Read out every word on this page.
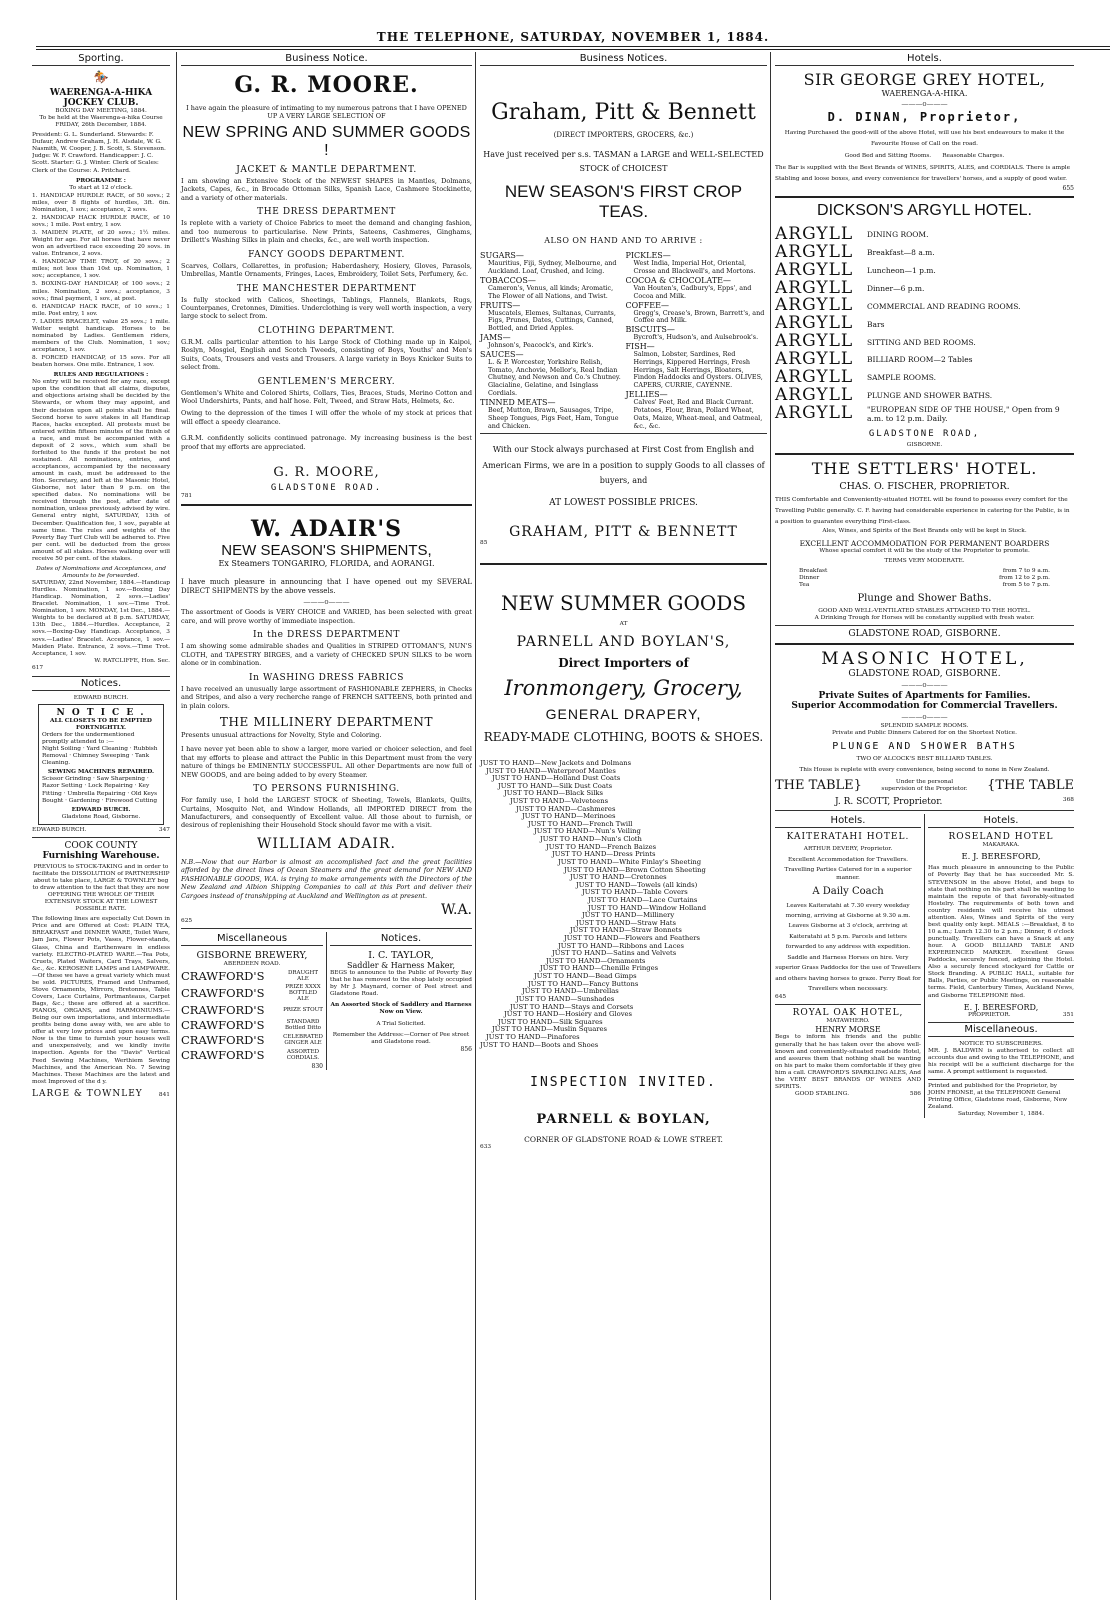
THE TELEPHONE, SATURDAY, NOVEMBER 1, 1884.
Sporting.
🏇
WAERENGA-A-HIKA JOCKEY CLUB.
BOXING DAY MEETING, 1884.
To be held at the Waerenga-a-hika Course FRIDAY, 26th December, 1884.
President: G. L. Sunderland. Stewards: F. Dufaur, Andrew Graham, J. H. Alsdale, W. G. Nasmith, W. Cooper, J. B. Scott, S. Stevenson. Judge: W. F. Crawford. Handicapper: J. C. Scott. Starter: G. J. Winter. Clerk of Scales: Clerk of the Course: A. Pritchard.
PROGRAMME :
To start at 12 o'clock.
1. HANDICAP HURDLE RACE, of 50 sovs.; 2 miles, over 8 flights of hurdles, 3ft. 6in. Nomination, 1 sov.; acceptance, 2 sovs.
2. HANDICAP HACK HURDLE RACE, of 10 sovs.; 1 mile. Post entry, 1 sov.
3. MAIDEN PLATE, of 20 sovs.; 1½ miles. Weight for age. For all horses that have never won an advertised race exceeding 20 sovs. in value. Entrance, 2 sovs.
4. HANDICAP TIME TROT, of 20 sovs.; 2 miles; not less than 10st up. Nomination, 1 sov.; acceptance, 1 sov.
5. BOXING-DAY HANDICAP, of 100 sovs.; 2 miles. Nomination, 2 sovs.; acceptance, 3 sovs.; final payment, 1 sov., at post.
6. HANDICAP HACK RACE, of 10 sovs.; 1 mile. Post entry, 1 sov.
7. LADIES BRACELET, value 25 sovs.; 1 mile. Welter weight handicap. Horses to be nominated by Ladies. Gentlemen riders, members of the Club. Nomination, 1 sov.; acceptance, 1 sov.
8. FORCED HANDICAP, of 15 sovs. For all beaten horses. One mile. Entrance, 1 sov.
RULES AND REGULATIONS :
No entry will be received for any race, except upon the condition that all claims, disputes, and objections arising shall be decided by the Stewards, or whom they may appoint, and their decision upon all points shall be final. Second horse to save stakes in all Handicap Races, hacks excepted. All protests must be entered within fifteen minutes of the finish of a race, and must be accompanied with a deposit of 2 sovs., which sum shall be forfeited to the funds if the protest be not sustained. All nominations, entries, and acceptances, accompanied by the necessary amount in cash, must be addressed to the Hon. Secretary, and left at the Masonic Hotel, Gisborne, not later than 9 p.m. on the specified dates. No nominations will be received through the post, after date of nomination, unless previously advised by wire. General entry night, SATURDAY, 13th of December. Qualification fee, 1 sov., payable at same time. The rules and weights of the Poverty Bay Turf Club will be adhered to. Five per cent. will be deducted from the gross amount of all stakes. Horses walking over will receive 50 per cent. of the stakes.
Dates of Nominations and Acceptances, and Amounts to be forwarded.
SATURDAY, 22nd November, 1884.—Handicap Hurdles. Nomination, 1 sov.—Boxing Day Handicap. Nomination, 2 sovs.—Ladies' Bracelet. Nomination, 1 sov.—Time Trot. Nomination, 1 sov. MONDAY, 1st Dec., 1884.—Weights to be declared at 8 p.m. SATURDAY, 13th Dec., 1884.—Hurdles. Acceptance, 2 sovs.—Boxing-Day Handicap. Acceptance, 3 sovs.—Ladies' Bracelet. Acceptance, 1 sov.—Maiden Plate. Entrance, 2 sovs.—Time Trot. Acceptance, 1 sov.
W. RATCLIFFE, Hon. Sec.
617
Notices.
EDWARD BURCH.
N O T I C E .
ALL CLOSETS TO BE EMPTIED FORTNIGHTLY.
Orders for the undermentioned promptly attended to :—
Night Soiling · Yard Cleaning · Rubbish Removal · Chimney Sweeping · Tank Cleaning.
SEWING MACHINES REPAIRED.
Scissor Grinding · Saw Sharpening · Razor Setting · Lock Repairing · Key Fitting · Umbrella Repairing · Old Keys Bought · Gardening · Firewood Cutting
EDWARD BURCH.
Gladstone Road, Gisborne.
EDWARD BURCH.	347
COOK COUNTY
Furnishing Warehouse.
PREVIOUS to STOCK-TAKING and in order to facilitate the DISSOLUTION of PARTNERSHIP about to take place, LARGE & TOWNLEY beg to draw attention to the fact that they are now OFFERING THE WHOLE OF THEIR EXTENSIVE STOCK AT THE LOWEST POSSIBLE RATE.
The following lines are especially Cut Down in Price and are Offered at Cost: PLAIN TEA, BREAKFAST and DINNER WARE, Toilet Ware, Jam Jars, Flower Pots, Vases, Flower-stands, Glass, China and Earthenware in endless variety. ELECTRO-PLATED WARE.—Tea Pots, Cruets, Plated Waiters, Card Trays, Salvers, &c., &c. KEROSENE LAMPS and LAMPWARE.—Of these we have a great variety which must be sold. PICTURES, Framed and Unframed, Stove Ornaments, Mirrors, Bretonnes, Table Covers, Lace Curtains, Portmanteaus, Carpet Bags, &c.; these are offered at a sacrifice. PIANOS, ORGANS, and HARMONIUMS.—Being our own importations, and intermediate profits being done away with, we are able to offer at very low prices and upon easy terms. Now is the time to furnish your houses well and unexpensively, and we kindly invite inspection. Agents for the "Davis" Vertical Feed Sewing Machines, Werthiem Sewing Machines, and the American No. 7 Sewing Machines. These Machines are the latest and most Improved of the d y.
LARGE & TOWNLEY	841
Business Notice.
G. R. MOORE.
I have again the pleasure of intimating to my numerous patrons that I have OPENED UP A VERY LARGE SELECTION OF
NEW SPRING AND SUMMER GOODS !
JACKET & MANTLE DEPARTMENT.
I am showing an Extensive Stock of the NEWEST SHAPES in Mantles, Dolmans, Jackets, Capes, &c., in Brocade Ottoman Silks, Spanish Lace, Cashmere Stockinette, and a variety of other materials.
THE DRESS DEPARTMENT
Is replete with a variety of Choice Fabrics to meet the demand and changing fashion, and too numerous to particularise. New Prints, Sateens, Cashmeres, Ginghams, Drillett's Washing Silks in plain and checks, &c., are well worth inspection.
FANCY GOODS DEPARTMENT.
Scarves, Collars, Collarettes, in profusion; Haberdashery, Hosiery, Gloves, Parasols, Umbrellas, Mantle Ornaments, Fringes, Laces, Embroidery, Toilet Sets, Perfumery, &c.
THE MANCHESTER DEPARTMENT
Is fully stocked with Calicos, Sheetings, Tablings, Flannels, Blankets, Rugs, Counterpanes, Cretonnes, Dimities. Underclothing is very well worth inspection, a very large stock to select from.
CLOTHING DEPARTMENT.
G.R.M. calls particular attention to his Large Stock of Clothing made up in Kaipoi, Roslyn, Mosgiel, English and Scotch Tweeds, consisting of Boys, Youths' and Men's Suits, Coats, Trousers and vests and Trousers. A large variety in Boys Knicker Suits to select from.
GENTLEMEN'S MERCERY.
Gentlemen's White and Colored Shirts, Collars, Ties, Braces, Studs, Merino Cotton and Wool Undershirts, Pants, and half hose. Felt, Tweed, and Straw Hats, Helmets, &c.
Owing to the depression of the times I will offer the whole of my stock at prices that will effect a speedy clearance.
G.R.M. confidently solicits continued patronage. My increasing business is the best proof that my efforts are appreciated.
G. R. MOORE,
GLADSTONE ROAD.
781
W. ADAIR'S
NEW SEASON'S SHIPMENTS,
Ex Steamers TONGARIRO, FLORIDA, and AORANGI.
I have much pleasure in announcing that I have opened out my SEVERAL DIRECT SHIPMENTS by the above vessels.
———o———
The assortment of Goods is VERY CHOICE and VARIED, has been selected with great care, and will prove worthy of immediate inspection.
In the DRESS DEPARTMENT
I am showing some admirable shades and Qualities in STRIPED OTTOMAN'S, NUN'S CLOTH, and TAPESTRY BIRGES, and a variety of CHECKED SPUN SILKS to be worn alone or in combination.
In WASHING DRESS FABRICS
I have received an unusually large assortment of FASHIONABLE ZEPHERS, in Checks and Stripes, and also a very recherche range of FRENCH SATTEENS, both printed and in plain colors.
THE MILLINERY DEPARTMENT
Presents unusual attractions for Novelty, Style and Coloring.
I have never yet been able to show a larger, more varied or choicer selection, and feel that my efforts to please and attract the Public in this Department must from the very nature of things be EMINENTLY SUCCESSFUL. All other Departments are now full of NEW GOODS, and are being added to by every Steamer.
TO PERSONS FURNISHING.
For family use, I hold the LARGEST STOCK of Sheeting, Towels, Blankets, Quilts, Curtains, Mosquito Net, and Window Hollands, all IMPORTED DIRECT from the Manufacturers, and consequently of Excellent value. All those about to furnish, or desirous of replenishing their Household Stock should favor me with a visit.
WILLIAM ADAIR.
N.B.—Now that our Harbor is almost an accomplished fact and the great facilities afforded by the direct lines of Ocean Steamers and the great demand for NEW AND FASHIONABLE GOODS, W.A. is trying to make arrangements with the Directors of the New Zealand and Albion Shipping Companies to call at this Port and deliver their Cargoes instead of transhipping at Auckland and Wellington as at present.
W.A.
625
Miscellaneous
GISBORNE BREWERY,
ABERDEEN ROAD.
CRAWFORD'S	DRAUGHT ALE
CRAWFORD'S	PRIZE XXXX BOTTLED ALE
CRAWFORD'S	PRIZE STOUT
CRAWFORD'S	STANDARD Bottled Ditto
CRAWFORD'S	CELEBRATED GINGER ALE
CRAWFORD'S	ASSORTED CORDIALS.
830
Notices.
I. C. TAYLOR,
Saddler & Harness Maker,
BEGS to announce to the Public of Poverty Bay that he has removed to the shop lately occupied by Mr J. Maynard, corner of Peel street and Gladstone Road.
An Assorted Stock of Saddlery and Harness Now on View.
A Trial Solicited.
Remember the Address:—Corner of Pee street and Gladstone road.
856
Business Notices.
Graham, Pitt & Bennett
(DIRECT IMPORTERS, GROCERS, &c.)
Have just received per s.s. TASMAN a LARGE and WELL-SELECTED STOCK of CHOICEST
NEW SEASON'S FIRST CROP TEAS.
ALSO ON HAND AND TO ARRIVE :
SUGARS—
Mauritius, Fiji, Sydney, Melbourne, and Auckland. Loaf, Crushed, and Icing.
TOBACCOS—
Cameron's, Venus, all kinds; Aromatic, The Flower of all Nations, and Twist.
FRUITS—
Muscatels, Elemes, Sultanas, Currants, Figs, Prunes, Dates, Cuttings, Canned, Bottled, and Dried Apples.
JAMS—
Johnson's, Peacock's, and Kirk's.
SAUCES—
L. & P. Worcester, Yorkshire Relish, Tomato, Anchovie, Mellor's, Real Indian Chutney, and Newson and Co.'s Chutney. Glacialine, Gelatine, and Isinglass Cordials.
TINNED MEATS—
Beef, Mutton, Brawn, Sausages, Tripe, Sheep Tongues, Pigs Feet, Ham, Tongue and Chicken.
PICKLES—
West India, Imperial Hot, Oriental, Crosse and Blackwell's, and Mortons.
COCOA & CHOCOLATE—
Van Houten's, Cadbury's, Epps', and Cocoa and Milk.
COFFEE—
Gregg's, Crease's, Brown, Barrett's, and Coffee and Milk.
BISCUITS—
Bycroft's, Hudson's, and Aulsebrook's.
FISH—
Salmon, Lobster, Sardines, Red Herrings, Kippered Herrings, Fresh Herrings, Salt Herrings, Bloaters, Findon Haddocks and Oysters. OLIVES, CAPERS, CURRIE, CAYENNE.
JELLIES—
Calves' Feet, Red and Black Currant. Potatoes, Flour, Bran, Pollard Wheat, Oats, Maize, Wheat-meal, and Oatmeal, &c., &c.
With our Stock always purchased at First Cost from English and American Firms, we are in a position to supply Goods to all classes of buyers, and
AT LOWEST POSSIBLE PRICES.
GRAHAM, PITT & BENNETT
85
NEW SUMMER GOODS
AT
PARNELL AND BOYLAN'S,
Direct Importers of
Ironmongery, Grocery,
GENERAL DRAPERY,
READY-MADE CLOTHING, BOOTS & SHOES.
JUST TO HAND—New Jackets and Dolmans
JUST TO HAND—Waterproof Mantles
JUST TO HAND—Holland Dust Coats
JUST TO HAND—Silk Dust Coats
JUST TO HAND—Black Silks
JUST TO HAND—Velveteens
JUST TO HAND—Cashmeres
JUST TO HAND—Merinoes
JUST TO HAND—French Twill
JUST TO HAND—Nun's Veiling
JUST TO HAND—Nun's Cloth
JUST TO HAND—French Baizes
JUST TO HAND—Dress Prints
JUST TO HAND—White Finlay's Sheeting
JUST TO HAND—Brown Cotton Sheeting
JUST TO HAND—Cretonnes
JUST TO HAND—Towels (all kinds)
JUST TO HAND—Table Covers
JUST TO HAND—Lace Curtains
JUST TO HAND—Window Holland
JUST TO HAND—Millinery
JUST TO HAND—Straw Hats
JUST TO HAND—Straw Bonnets
JUST TO HAND—Flowers and Feathers
JUST TO HAND—Ribbons and Laces
JUST TO HAND—Satins and Velvets
JUST TO HAND—Ornaments
JUST TO HAND—Chenille Fringes
JUST TO HAND—Bead Gimps
JUST TO HAND—Fancy Buttons
JUST TO HAND—Umbrellas
JUST TO HAND—Sunshades
JUST TO HAND—Stays and Corsets
JUST TO HAND—Hosiery and Gloves
JUST TO HAND—Silk Squares
JUST TO HAND—Muslin Squares
JUST TO HAND—Pinafores
JUST TO HAND—Boots and Shoes
INSPECTION INVITED.
PARNELL & BOYLAN,
CORNER OF GLADSTONE ROAD & LOWE STREET.
633
Hotels.
SIR GEORGE GREY HOTEL,
WAERENGA-A-HIKA.
———o———
D. DINAN, Proprietor,
Having Purchased the good-will of the above Hotel, will use his best endeavours to make it the Favourite House of Call on the road.
Good Bed and Sitting Rooms.      Reasonable Charges.
The Bar is supplied with the Best Brands of WINES, SPIRITS, ALES, and CORDIALS. There is ample Stabling and loose boxes, and every convenience for travellers' horses, and a supply of good water.
655
DICKSON'S ARGYLL HOTEL.
ARGYLL	DINING ROOM.
ARGYLL	Breakfast—8 a.m.
ARGYLL	Luncheon—1 p.m.
ARGYLL	Dinner—6 p.m.
ARGYLL	COMMERCIAL AND READING ROOMS.
ARGYLL	Bars
ARGYLL	SITTING AND BED ROOMS.
ARGYLL	BILLIARD ROOM—2 Tables
ARGYLL	SAMPLE ROOMS.
ARGYLL	PLUNGE AND SHOWER BATHS.
ARGYLL	"EUROPEAN SIDE OF THE HOUSE," Open from 9 a.m. to 12 p.m. Daily.
GLADSTONE ROAD,
GISBORNE.
THE SETTLERS' HOTEL.
CHAS. O. FISCHER, PROPRIETOR.
THIS Comfortable and Conveniently-situated HOTEL will be found to possess every comfort for the Travelling Public generally. C. F. having had considerable experience in catering for the Public, is in a position to guarantee everything First-class.
Ales, Wines, and Spirits of the Best Brands only will be kept in Stock.
EXCELLENT ACCOMMODATION FOR PERMANENT BOARDERS
Whose special comfort it will be the study of the Proprietor to promote.
TERMS VERY MODERATE.
Breakfast	from 7 to 9 a.m.
Dinner	from 12 to 2 p.m.
Tea	from 5 to 7 p.m.
Plunge and Shower Baths.
GOOD AND WELL-VENTILATED STABLES ATTACHED TO THE HOTEL.
A Drinking Trough for Horses will be constantly supplied with fresh water.
GLADSTONE ROAD, GISBORNE.
MASONIC HOTEL,
GLADSTONE ROAD, GISBORNE.
———o———
Private Suites of Apartments for Families.
Superior Accommodation for Commercial Travellers.
———o———
SPLENDID SAMPLE ROOMS.
Private and Public Dinners Catered for on the Shortest Notice.
PLUNGE AND SHOWER BATHS
TWO OF ALCOCK'S BEST BILLIARD TABLES.
This House is replete with every convenience, being second to none in New Zealand.
THE TABLE}	Under the personal supervision of the Proprietor. {THE TABLE
J. R. SCOTT, Proprietor.	368
Hotels.
KAITERATAHI HOTEL.
ARTHUR DEVERY, Proprietor.
Excellent Accommodation for Travellers.
Travelling Parties Catered for in a superior manner.
A Daily Coach
Leaves Kaiteratahi at 7.30 every weekday morning, arriving at Gisborne at 9.30 a.m. Leaves Gisborne at 3 o'clock, arriving at Kaiteratahi at 5 p.m. Parcels and letters forwarded to any address with expedition. Saddle and Harness Horses on hire. Very superior Grass Paddocks for the use of Travellers and others having horses to graze. Ferry Boat for Travellers when necessary.
645
ROYAL OAK HOTEL,
MATAWHERO.
HENRY MORSE
Begs to inform his friends and the public generally that he has taken over the above well-known and conveniently-situated roadside Hotel, and assures them that nothing shall be wanting on his part to make them comfortable if they give him a call. CRAWFORD'S SPARKLING ALES, And the VERY BEST BRANDS OF WINES AND SPIRITS.
GOOD STABLING.	586
Hotels.
ROSELAND HOTEL
MAKARAKA.
E. J. BERESFORD,
Has much pleasure in announcing to the Public of Poverty Bay that he has succeeded Mr. S. STEVENSON in the above Hotel, and begs to state that nothing on his part shall be wanting to maintain the repute of that favorably-situated Hostelry. The requirements of both town and country residents will receive his utmost attention. Ales, Wines and Spirits of the very best quality only kept. MEALS :—Breakfast, 8 to 10 a.m.; Lunch 12.30 to 2 p.m.; Dinner, 6 o'clock punctually. Travellers can have a Snack at any hour. A GOOD BILLIARD TABLE AND EXPERIENCED MARKER. Excellent Grass Paddocks, securely fenced, adjoining the Hotel. Also a securely fenced stockyard for Cattle or Stock Branding. A PUBLIC HALL, suitable for Balls, Parties, or Public Meetings, on reasonable terms. Field, Canterbury Times, Auckland News, and Gisborne TELEPHONE filed.
E. J. BERESFORD,
PROPRIETOR.	351
Miscellaneous.
NOTICE TO SUBSCRIBERS.
MR. J. BALDWIN is authorised to collect all accounts due and owing to the TELEPHONE, and his receipt will be a sufficient discharge for the same. A prompt settlement is requested.
Printed and published for the Proprietor, by JOHN FRONSE, at the TELEPHONE General Printing Office, Gladstone road, Gisborne, New Zealand.
Saturday, November 1, 1884.
